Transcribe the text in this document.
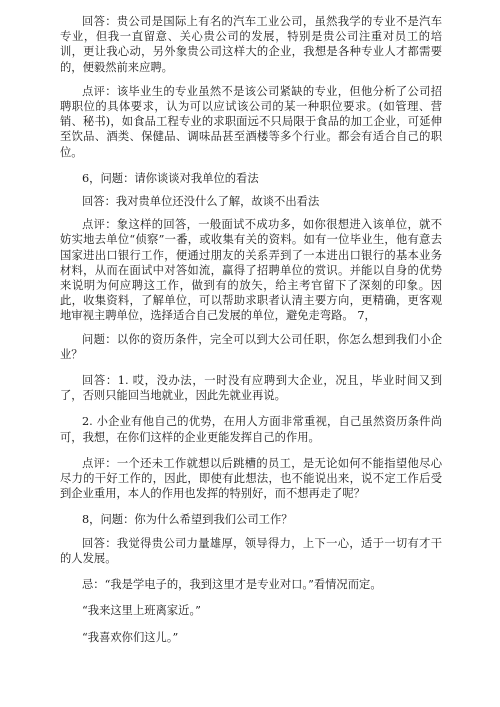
回答：贵公司是国际上有名的汽车工业公司，虽然我学的专业不是汽车专业，但我一直留意、关心贵公司的发展，特别是贵公司注重对员工的培训，更让我心动，另外象贵公司这样大的企业，我想是各种专业人才都需要的，便毅然前来应聘。

点评：该毕业生的专业虽然不是该公司紧缺的专业，但他分析了公司招聘职位的具体要求，认为可以应试该公司的某一种职位要求。(如管理、营销、秘书)，如食品工程专业的求职面远不只局限于食品的加工企业，可延伸至饮品、酒类、保健品、调味品甚至酒楼等多个行业。都会有适合自己的职位。

6，问题：请你谈谈对我单位的看法

回答：我对贵单位还没什么了解，故谈不出看法

点评：象这样的回答，一般面试不成功多，如你很想进入该单位，就不妨实地去单位“侦察”一番，或收集有关的资料。如有一位毕业生，他有意去国家进出口银行工作，便通过朋友的关系弄到了一本进出口银行的基本业务材料，从而在面试中对答如流，赢得了招聘单位的赏识。并能以自身的优势来说明为何应聘这工作，做到有的放矢，给主考官留下了深刻的印象。因此，收集资料，了解单位，可以帮助求职者认清主要方向，更精确，更客观地审视主聘单位，选择适合自己发展的单位，避免走弯路。 7，

问题：以你的资历条件，完全可以到大公司任职，你怎么想到我们小企业？

回答：1. 哎，没办法，一时没有应聘到大企业，况且，毕业时间又到了，否则只能回当地就业，因此先就业再说。

2. 小企业有他自己的优势，在用人方面非常重视，自己虽然资历条件尚可，我想，在你们这样的企业更能发挥自己的作用。

点评：一个还未工作就想以后跳槽的员工，是无论如何不能指望他尽心尽力的干好工作的，因此，即使有此想法，也不能说出来，说不定工作后受到企业重用，本人的作用也发挥的特别好，而不想再走了呢？

8，问题：你为什么希望到我们公司工作？

回答：我觉得贵公司力量雄厚，领导得力，上下一心，适于一切有才干的人发展。

忌：“我是学电子的，我到这里才是专业对口。”看情况而定。

“我来这里上班离家近。”

“我喜欢你们这儿。”
